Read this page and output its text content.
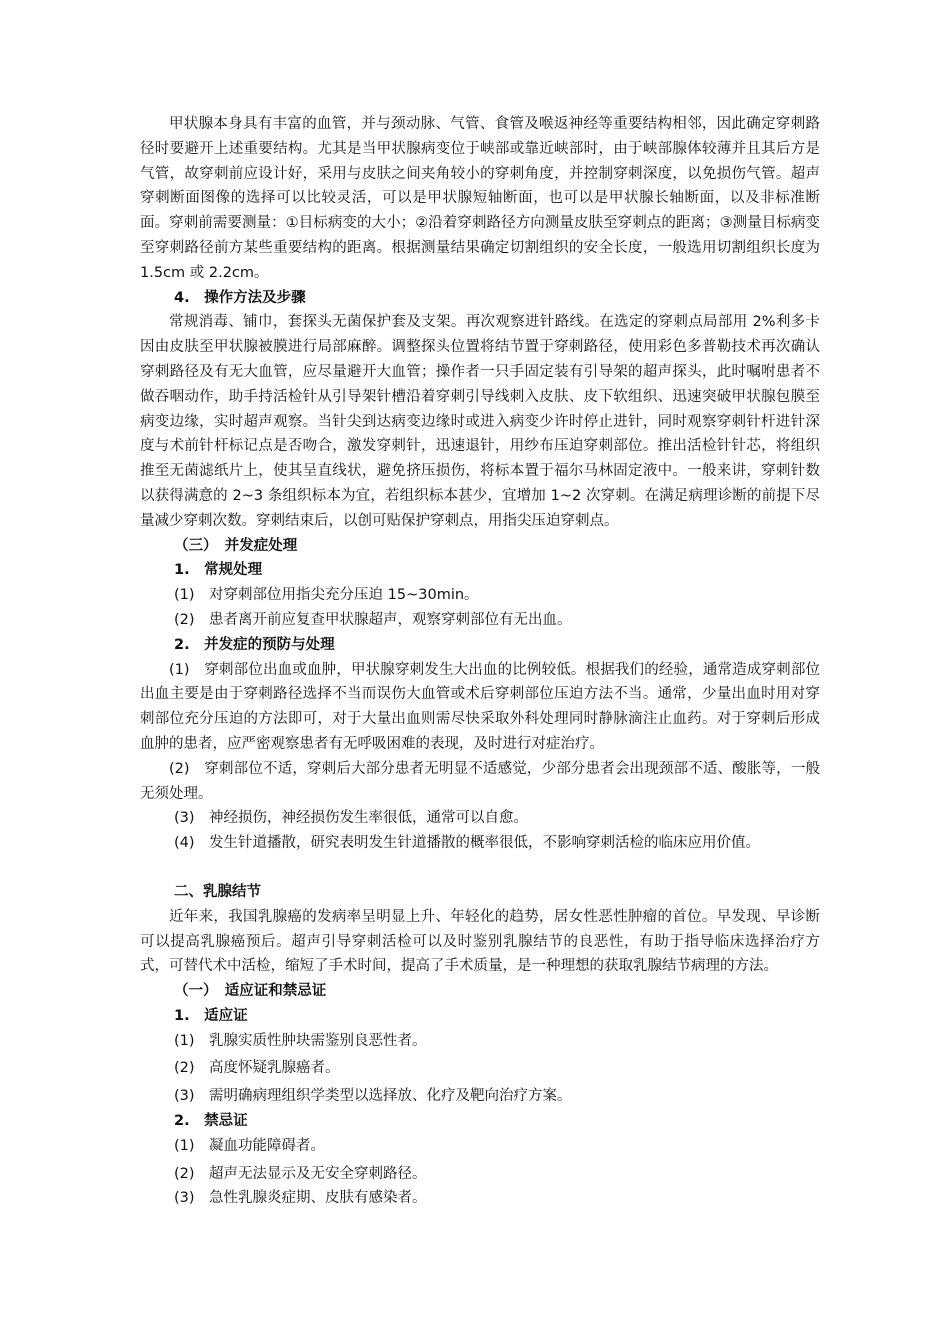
甲状腺本身具有丰富的血管，并与颈动脉、气管、食管及喉返神经等重要结构相邻，因此确定穿刺路径时要避开上述重要结构。尤其是当甲状腺病变位于峡部或靠近峡部时，由于峡部腺体较薄并且其后方是气管，故穿刺前应设计好，采用与皮肤之间夹角较小的穿刺角度，并控制穿刺深度，以免损伤气管。超声穿刺断面图像的选择可以比较灵活，可以是甲状腺短轴断面，也可以是甲状腺长轴断面，以及非标准断面。穿刺前需要测量：①目标病变的大小；②沿着穿刺路径方向测量皮肤至穿刺点的距离；③测量目标病变至穿刺路径前方某些重要结构的距离。根据测量结果确定切割组织的安全长度，一般选用切割组织长度为 1.5cm 或 2.2cm。

4.　操作方法及步骤

常规消毒、铺巾，套探头无菌保护套及支架。再次观察进针路线。在选定的穿刺点局部用 2%利多卡因由皮肤至甲状腺被膜进行局部麻醉。调整探头位置将结节置于穿刺路径，使用彩色多普勒技术再次确认穿刺路径及有无大血管，应尽量避开大血管；操作者一只手固定装有引导架的超声探头，此时嘱咐患者不做吞咽动作，助手持活检针从引导架针槽沿着穿刺引导线刺入皮肤、皮下软组织、迅速突破甲状腺包膜至病变边缘，实时超声观察。当针尖到达病变边缘时或进入病变少许时停止进针，同时观察穿刺针杆进针深度与术前针杆标记点是否吻合，激发穿刺针，迅速退针，用纱布压迫穿刺部位。推出活检针针芯，将组织推至无菌滤纸片上，使其呈直线状，避免挤压损伤，将标本置于福尔马林固定液中。一般来讲，穿刺针数以获得满意的 2~3 条组织标本为宜，若组织标本甚少，宜增加 1~2 次穿刺。在满足病理诊断的前提下尽量减少穿刺次数。穿刺结束后，以创可贴保护穿刺点，用指尖压迫穿刺点。

（三）　并发症处理

1.　常规处理

(1)　对穿刺部位用指尖充分压迫 15~30min。

(2)　患者离开前应复查甲状腺超声，观察穿刺部位有无出血。

2.　并发症的预防与处理

(1)　穿刺部位出血或血肿，甲状腺穿刺发生大出血的比例较低。根据我们的经验，通常造成穿刺部位出血主要是由于穿刺路径选择不当而误伤大血管或术后穿刺部位压迫方法不当。通常，少量出血时用对穿刺部位充分压迫的方法即可，对于大量出血则需尽快采取外科处理同时静脉滴注止血药。对于穿刺后形成血肿的患者，应严密观察患者有无呼吸困难的表现，及时进行对症治疗。

(2)　穿刺部位不适，穿刺后大部分患者无明显不适感觉，少部分患者会出现颈部不适、酸胀等，一般无须处理。

(3)　神经损伤，神经损伤发生率很低，通常可以自愈。

(4)　发生针道播散，研究表明发生针道播散的概率很低，不影响穿刺活检的临床应用价值。

二、乳腺结节

近年来，我国乳腺癌的发病率呈明显上升、年轻化的趋势，居女性恶性肿瘤的首位。早发现、早诊断可以提高乳腺癌预后。超声引导穿刺活检可以及时鉴别乳腺结节的良恶性，有助于指导临床选择治疗方式，可替代术中活检，缩短了手术时间，提高了手术质量，是一种理想的获取乳腺结节病理的方法。

（一）　适应证和禁忌证

1.　适应证

(1)　乳腺实质性肿块需鉴别良恶性者。

(2)　高度怀疑乳腺癌者。

(3)　需明确病理组织学类型以选择放、化疗及靶向治疗方案。

2.　禁忌证

(1)　凝血功能障碍者。

(2)　超声无法显示及无安全穿刺路径。

(3)　急性乳腺炎症期、皮肤有感染者。
